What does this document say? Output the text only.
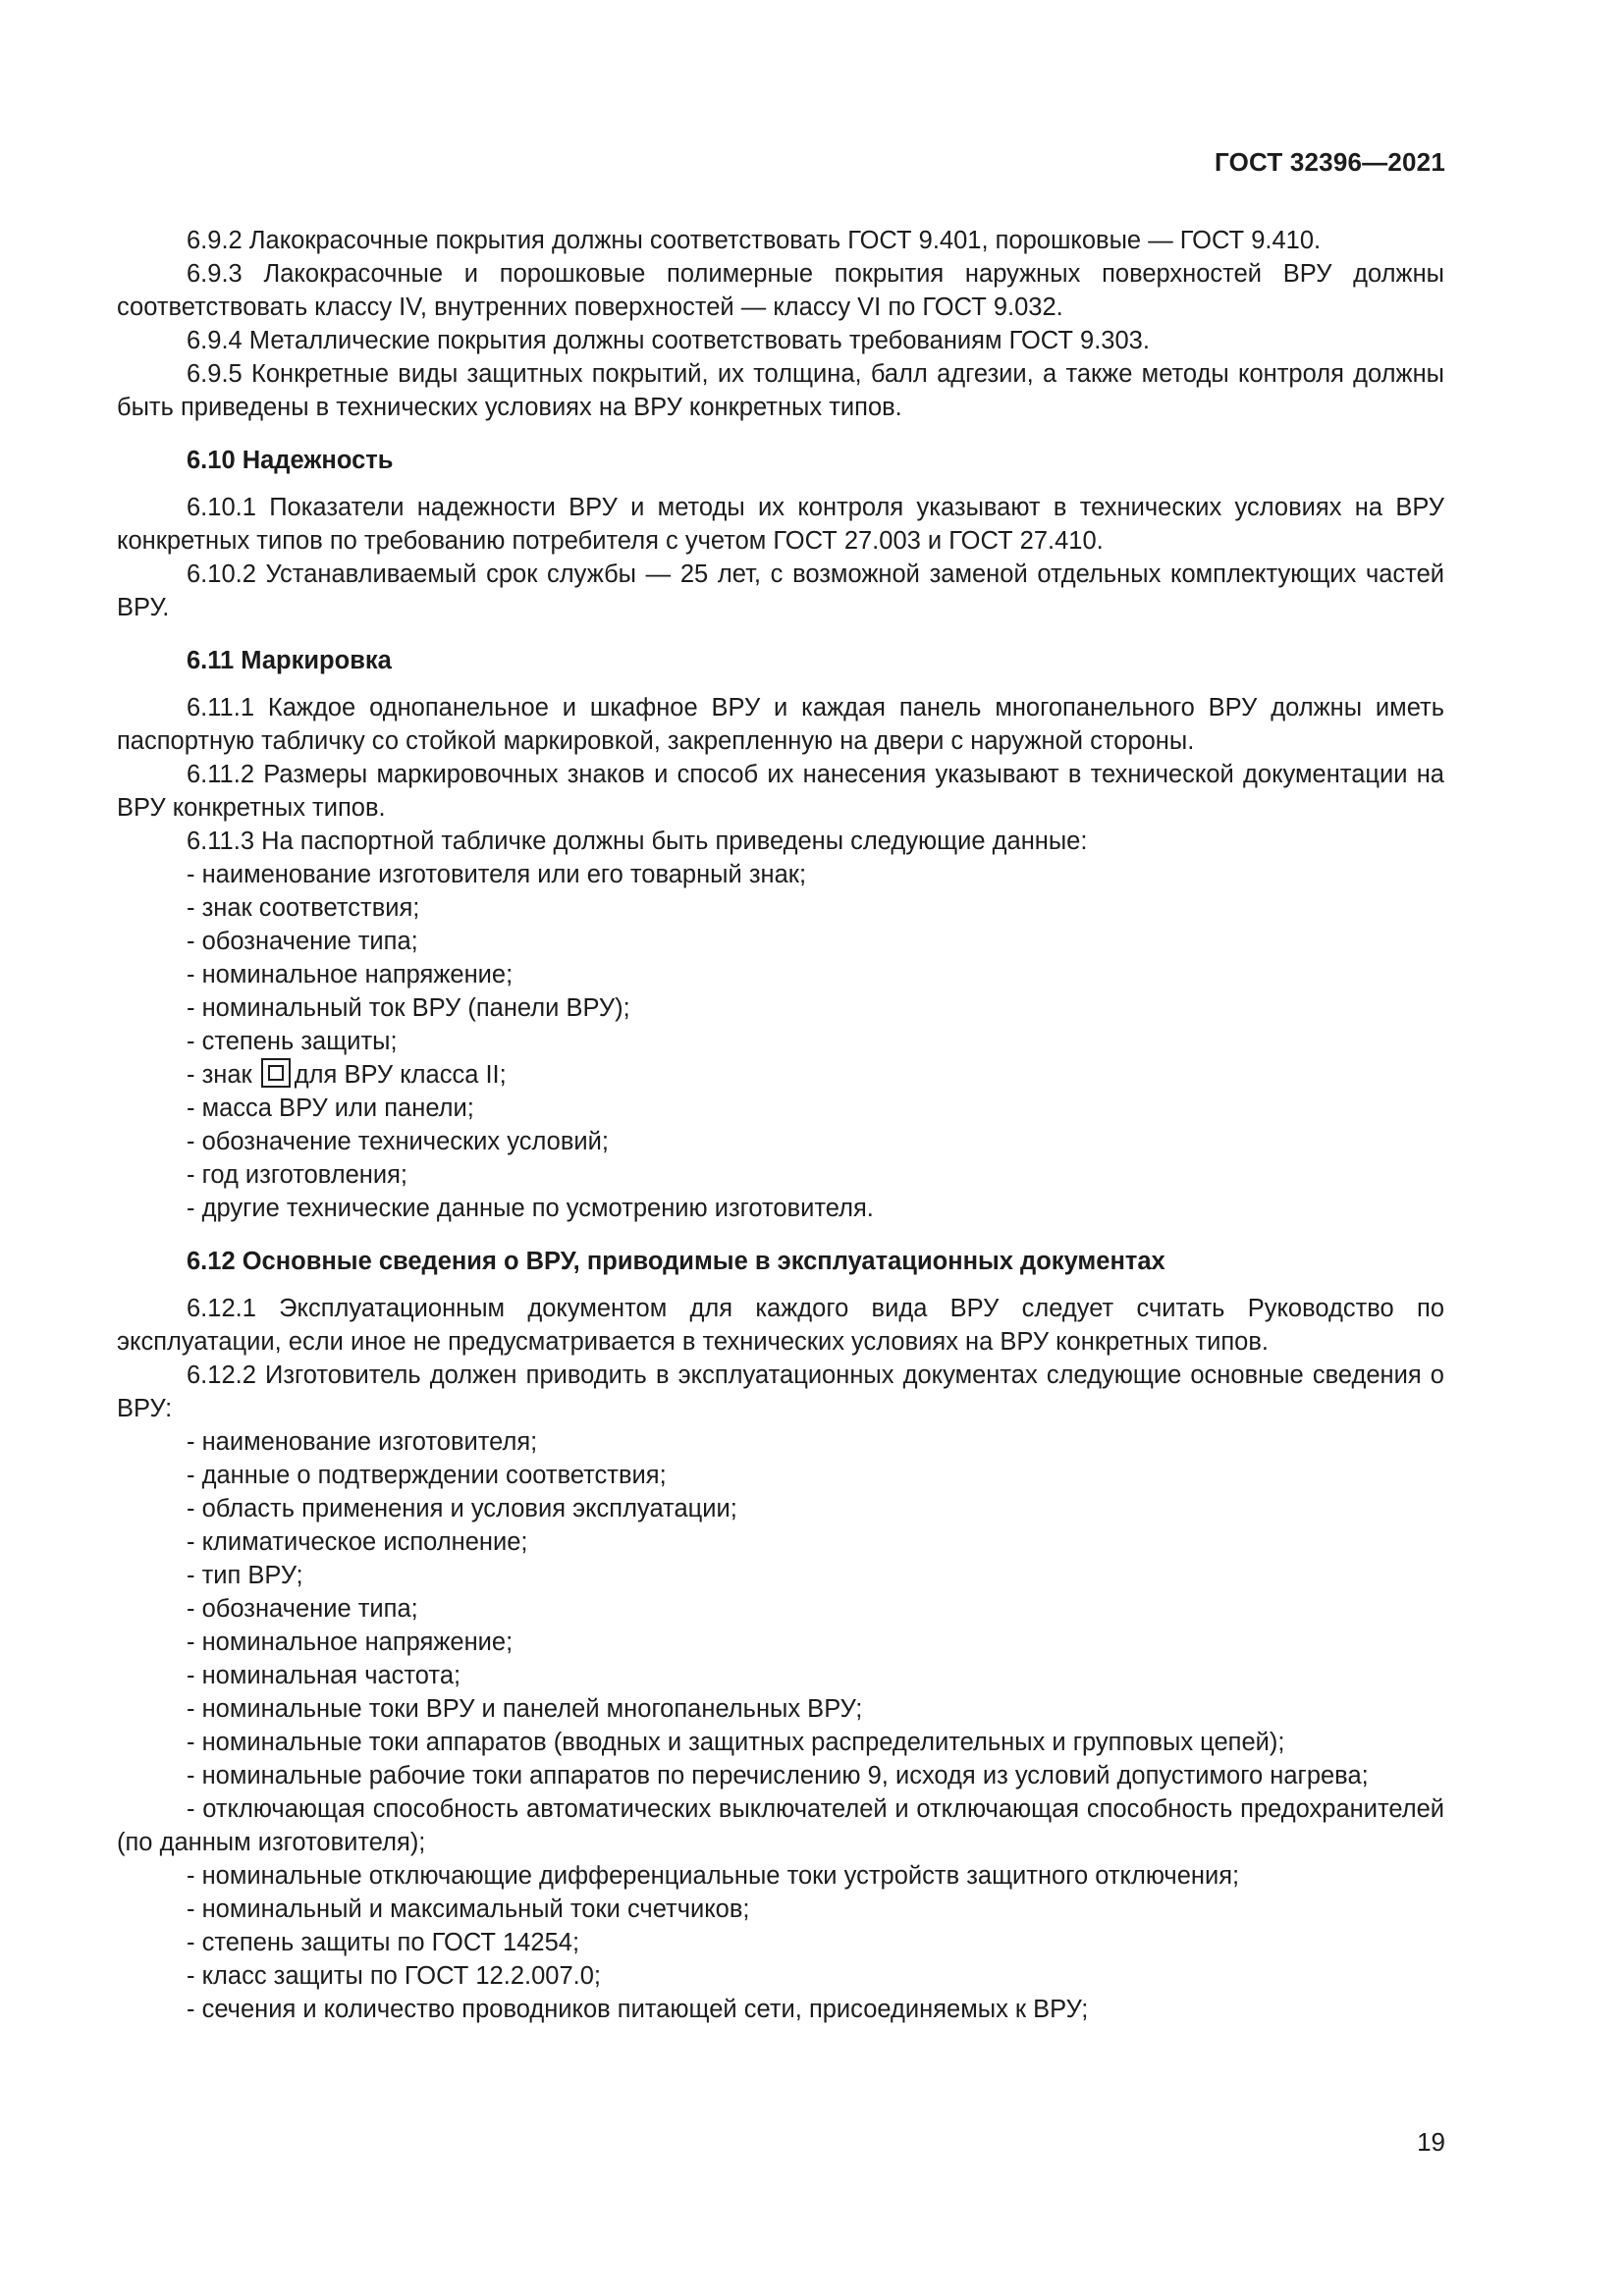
ГОСТ 32396—2021

6.9.2 Лакокрасочные покрытия должны соответствовать ГОСТ 9.401, порошковые — ГОСТ 9.410.

6.9.3 Лакокрасочные и порошковые полимерные покрытия наружных поверхностей ВРУ должны соответствовать классу IV, внутренних поверхностей — классу VI по ГОСТ 9.032.

6.9.4 Металлические покрытия должны соответствовать требованиям ГОСТ 9.303.

6.9.5 Конкретные виды защитных покрытий, их толщина, балл адгезии, а также методы контроля должны быть приведены в технических условиях на ВРУ конкретных типов.

6.10 Надежность

6.10.1 Показатели надежности ВРУ и методы их контроля указывают в технических условиях на ВРУ конкретных типов по требованию потребителя с учетом ГОСТ 27.003 и ГОСТ 27.410.

6.10.2 Устанавливаемый срок службы — 25 лет, с возможной заменой отдельных комплектующих частей ВРУ.

6.11 Маркировка

6.11.1 Каждое однопанельное и шкафное ВРУ и каждая панель многопанельного ВРУ должны иметь паспортную табличку со стойкой маркировкой, закрепленную на двери с наружной стороны.

6.11.2 Размеры маркировочных знаков и способ их нанесения указывают в технической документации на ВРУ конкретных типов.

6.11.3 На паспортной табличке должны быть приведены следующие данные:

- наименование изготовителя или его товарный знак;

- знак соответствия;

- обозначение типа;

- номинальное напряжение;

- номинальный ток ВРУ (панели ВРУ);

- степень защиты;

- знак для ВРУ класса II;

- масса ВРУ или панели;

- обозначение технических условий;

- год изготовления;

- другие технические данные по усмотрению изготовителя.

6.12 Основные сведения о ВРУ, приводимые в эксплуатационных документах

6.12.1 Эксплуатационным документом для каждого вида ВРУ следует считать Руководство по эксплуатации, если иное не предусматривается в технических условиях на ВРУ конкретных типов.

6.12.2 Изготовитель должен приводить в эксплуатационных документах следующие основные сведения о ВРУ:

- наименование изготовителя;

- данные о подтверждении соответствия;

- область применения и условия эксплуатации;

- климатическое исполнение;

- тип ВРУ;

- обозначение типа;

- номинальное напряжение;

- номинальная частота;

- номинальные токи ВРУ и панелей многопанельных ВРУ;

- номинальные токи аппаратов (вводных и защитных распределительных и групповых цепей);

- номинальные рабочие токи аппаратов по перечислению 9, исходя из условий допустимого нагрева;

- отключающая способность автоматических выключателей и отключающая способность предохранителей (по данным изготовителя);

- номинальные отключающие дифференциальные токи устройств защитного отключения;

- номинальный и максимальный токи счетчиков;

- степень защиты по ГОСТ 14254;

- класс защиты по ГОСТ 12.2.007.0;

- сечения и количество проводников питающей сети, присоединяемых к ВРУ;

19
